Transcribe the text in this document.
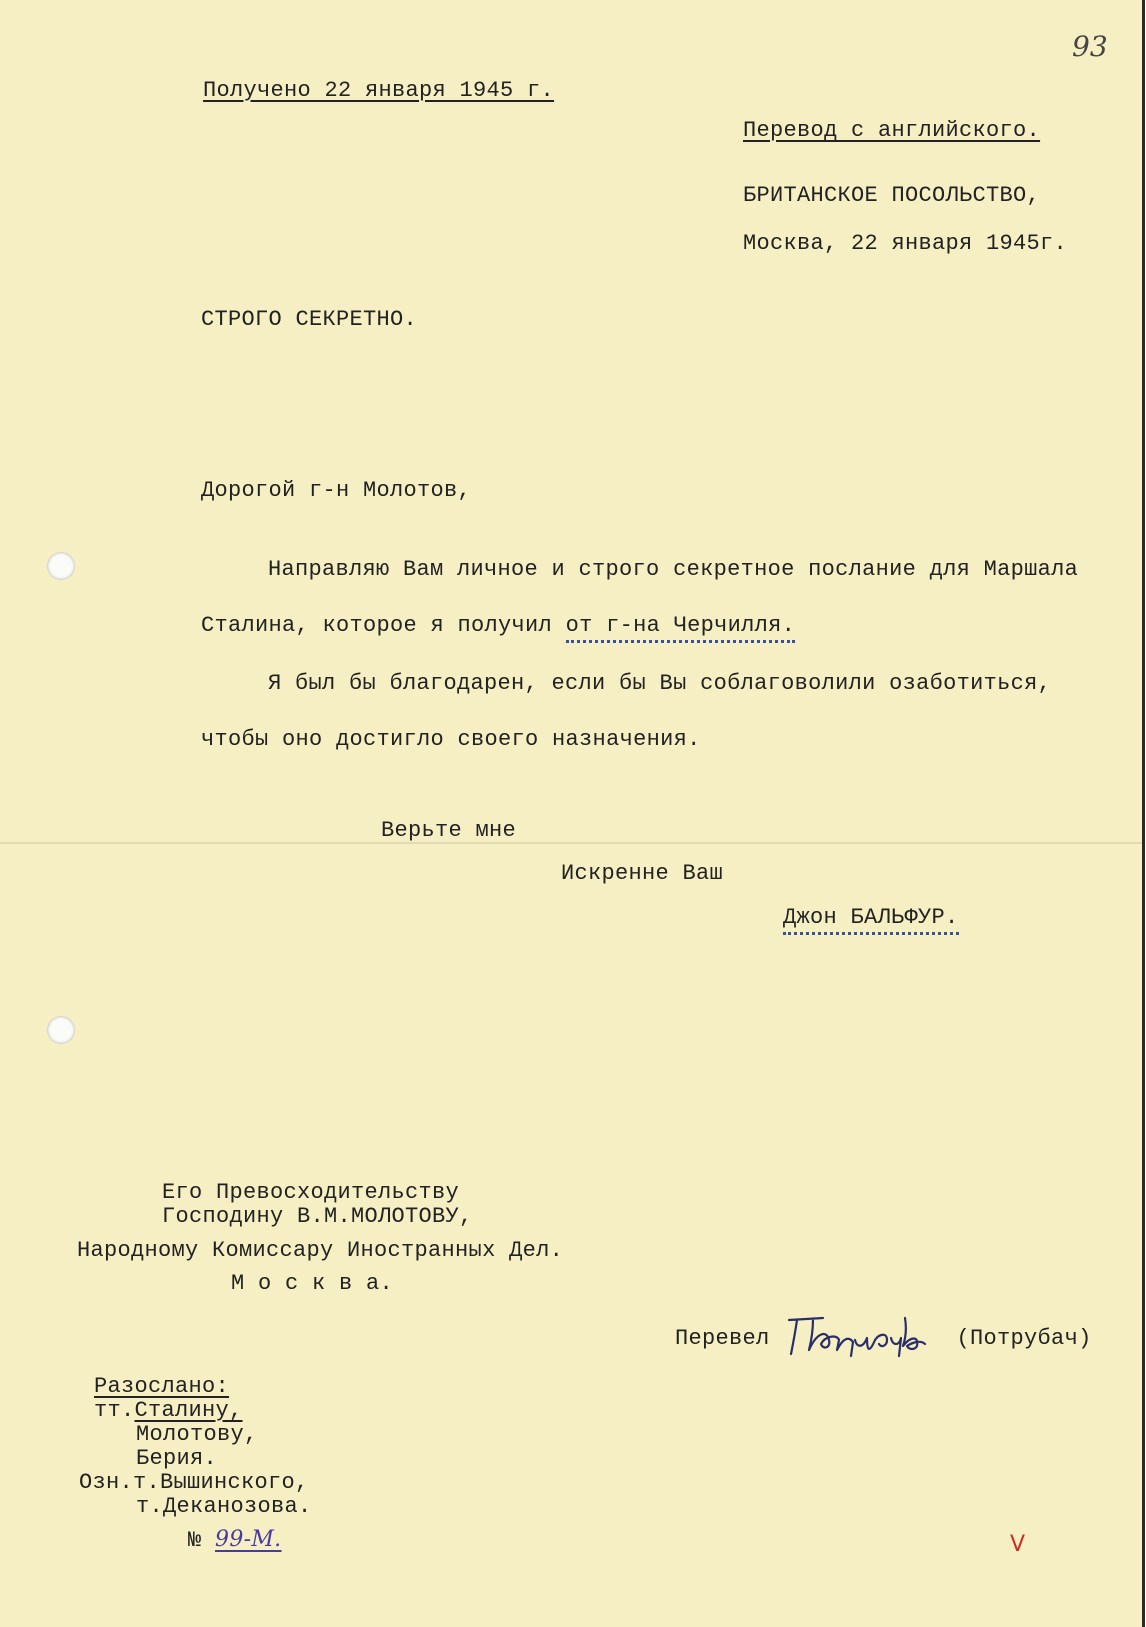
93
Получено 22 января 1945 г.
Перевод с английского.
БРИТАНСКОЕ ПОСОЛЬСТВО,
Москва, 22 января 1945г.
СТРОГО СЕКРЕТНО.
Дорогой г-н Молотов,
Направляю Вам личное и строго секретное послание для Маршала
Сталина, которое я получил от г-на Черчилля.
Я был бы благодарен, если бы Вы соблаговолили озаботиться,
чтобы оно достигло своего назначения.
Верьте мне
Искренне Ваш
Джон БАЛЬФУР.
Его Превосходительству
Господину В.М.МОЛОТОВУ,
Народному Комиссару Иностранных Дел.
М о с к в а.
Перевел	(Потрубач)
Разослано:
тт.Сталину,
Молотову,
Берия.
Озн.т.Вышинского,
т.Деканозова.
№ 99-М.	V
